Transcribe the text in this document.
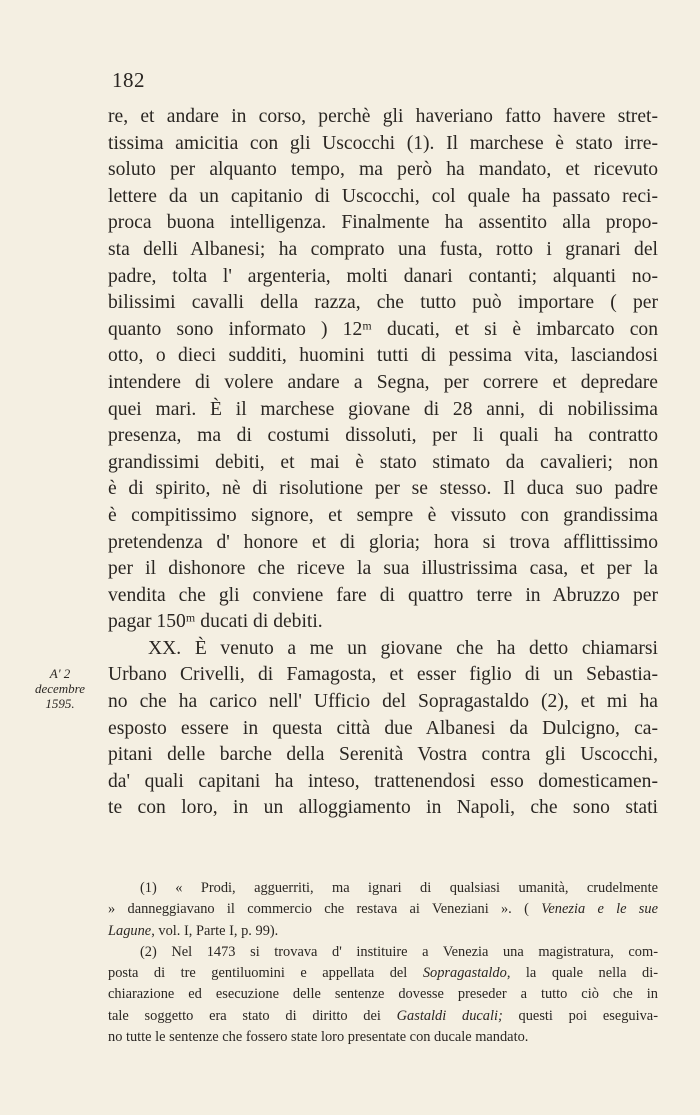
182
A' 2
decembre
1595.
re, et andare in corso, perchè gli haveriano fatto havere stret-
tissima amicitia con gli Uscocchi (1). Il marchese è stato irre-
soluto per alquanto tempo, ma però ha mandato, et ricevuto
lettere da un capitanio di Uscocchi, col quale ha passato reci-
proca buona intelligenza. Finalmente ha assentito alla propo-
sta delli Albanesi; ha comprato una fusta, rotto i granari del
padre, tolta l' argenteria, molti danari contanti; alquanti no-
bilissimi cavalli della razza, che tutto può importare ( per
quanto sono informato ) 12ᵐ ducati, et si è imbarcato con
otto, o dieci sudditi, huomini tutti di pessima vita, lasciandosi
intendere di volere andare a Segna, per correre et depredare
quei mari. È il marchese giovane di 28 anni, di nobilissima
presenza, ma di costumi dissoluti, per li quali ha contratto
grandissimi debiti, et mai è stato stimato da cavalieri; non
è di spirito, nè di risolutione per se stesso. Il duca suo padre
è compitissimo signore, et sempre è vissuto con grandissima
pretendenza d' honore et di gloria; hora si trova afflittissimo
per il dishonore che riceve la sua illustrissima casa, et per la
vendita che gli conviene fare di quattro terre in Abruzzo per
pagar 150ᵐ ducati di debiti.
XX. È venuto a me un giovane che ha detto chiamarsi
Urbano Crivelli, di Famagosta, et esser figlio di un Sebastia-
no che ha carico nell' Ufficio del Sopragastaldo (2), et mi ha
esposto essere in questa città due Albanesi da Dulcigno, ca-
pitani delle barche della Serenità Vostra contra gli Uscocchi,
da' quali capitani ha inteso, trattenendosi esso domesticamen-
te con loro, in un alloggiamento in Napoli, che sono stati
(1) « Prodi, agguerriti, ma ignari di qualsiasi umanità, crudelmente
» danneggiavano il commercio che restava ai Veneziani ». ( Venezia e le sue
Lagune, vol. I, Parte I, p. 99).
(2) Nel 1473 si trovava d' instituire a Venezia una magistratura, com-
posta di tre gentiluomini e appellata del Sopragastaldo, la quale nella di-
chiarazione ed esecuzione delle sentenze dovesse preseder a tutto ciò che in
tale soggetto era stato di diritto dei Gastaldi ducali; questi poi eseguiva-
no tutte le sentenze che fossero state loro presentate con ducale mandato.
